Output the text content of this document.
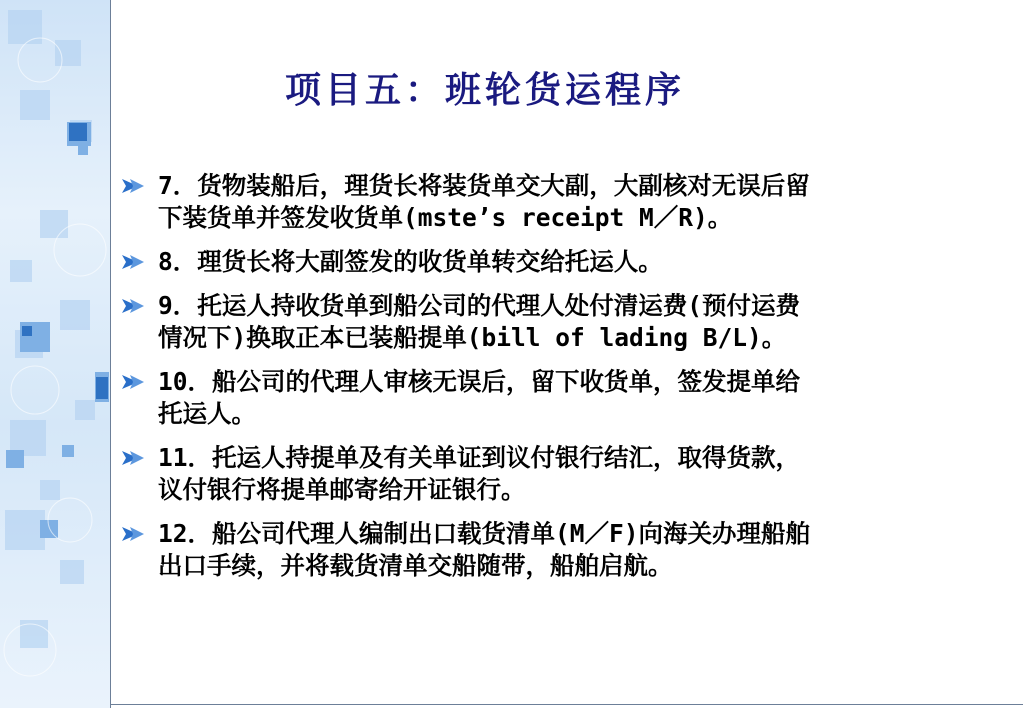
项目五：班轮货运程序
7．货物装船后，理货长将装货单交大副，大副核对无误后留
下装货单并签发收货单(mste’s receipt M／R)。
8．理货长将大副签发的收货单转交给托运人。
9．托运人持收货单到船公司的代理人处付清运费(预付运费
情况下)换取正本已装船提单(bill of lading B/L)。
10．船公司的代理人审核无误后，留下收货单，签发提单给
托运人。
11．托运人持提单及有关单证到议付银行结汇，取得货款，
议付银行将提单邮寄给开证银行。
12．船公司代理人编制出口载货清单(M／F)向海关办理船舶
出口手续，并将载货清单交船随带，船舶启航。
